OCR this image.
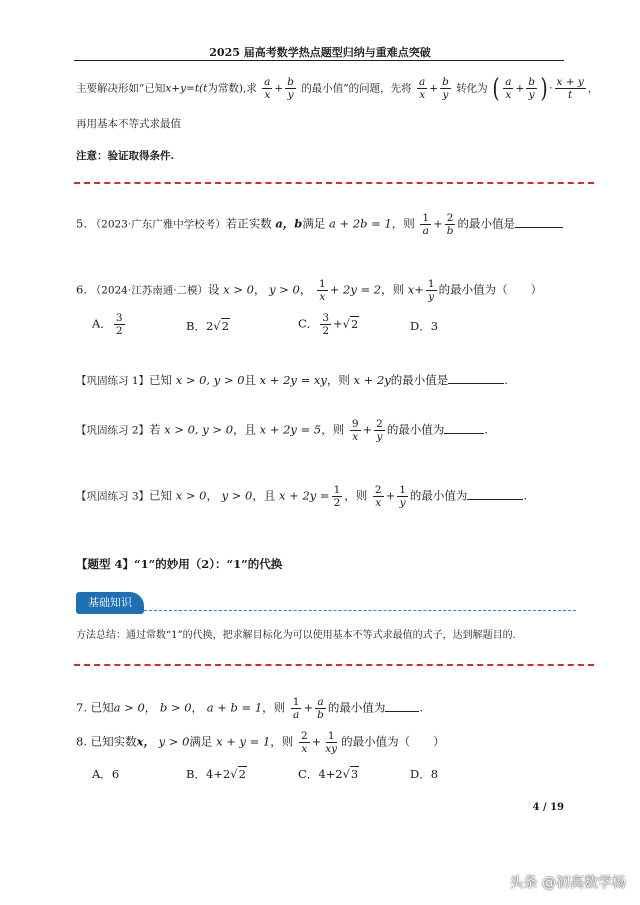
2025 届高考数学热点题型归纳与重难点突破
主要解决形如“已知x+y=t(t为常数),求 $\frac{a}{x} + \frac{b}{y}$ 的最小值”的问题，先将 $\frac{a}{x} + \frac{b}{y}$ 转化为 ( $\frac{a}{x} + \frac{b}{y}$ ) · $\frac{x + y}{t}$ ，
再用基本不等式求最值
注意：验证取得条件.
5. （2023·广东广雅中学校考）若正实数 a，b满足 a + 2b = 1，则 $\frac{1}{a} + \frac{2}{b}$ 的最小值是
6. （2024·江苏南通·二模）设 x > 0， y > 0， $\frac{1}{x} + 2y = 2$，则 $x+ \frac{1}{y}$ 的最小值为（　　）
A． $\frac{3}{2}$	B．2√2	C． $\frac{3}{2} +√2$	D．3
【巩固练习 1】已知 x > 0, y > 0且 x + 2y = xy，则 x + 2y的最小值是	.
【巩固练习 2】若 x > 0, y > 0，且 x + 2y = 5，则 $\frac{9}{x} + \frac{2}{y}$ 的最小值为	.
【巩固练习 3】已知 x > 0， y > 0，且 $x + 2y = \frac{1}{2}$ ，则 $\frac{2}{x} + \frac{1}{y}$ 的最小值为	.
【题型 4】“1”的妙用（2）：“1”的代换
基础知识
方法总结：通过常数“1”的代换，把求解目标化为可以使用基本不等式求最值的式子，达到解题目的.
7. 已知a > 0， b > 0， a + b = 1，则 $\frac{1}{a} + \frac{a}{b}$ 的最小值为	.
8. 已知实数x， y > 0满足 x + y = 1，则 $\frac{2}{x} + \frac{1}{xy}$ 的最小值为（　　）
A．6	B．4+2√2	C．4+2√3	D．8
4 / 19
头条 @初高数学杨
